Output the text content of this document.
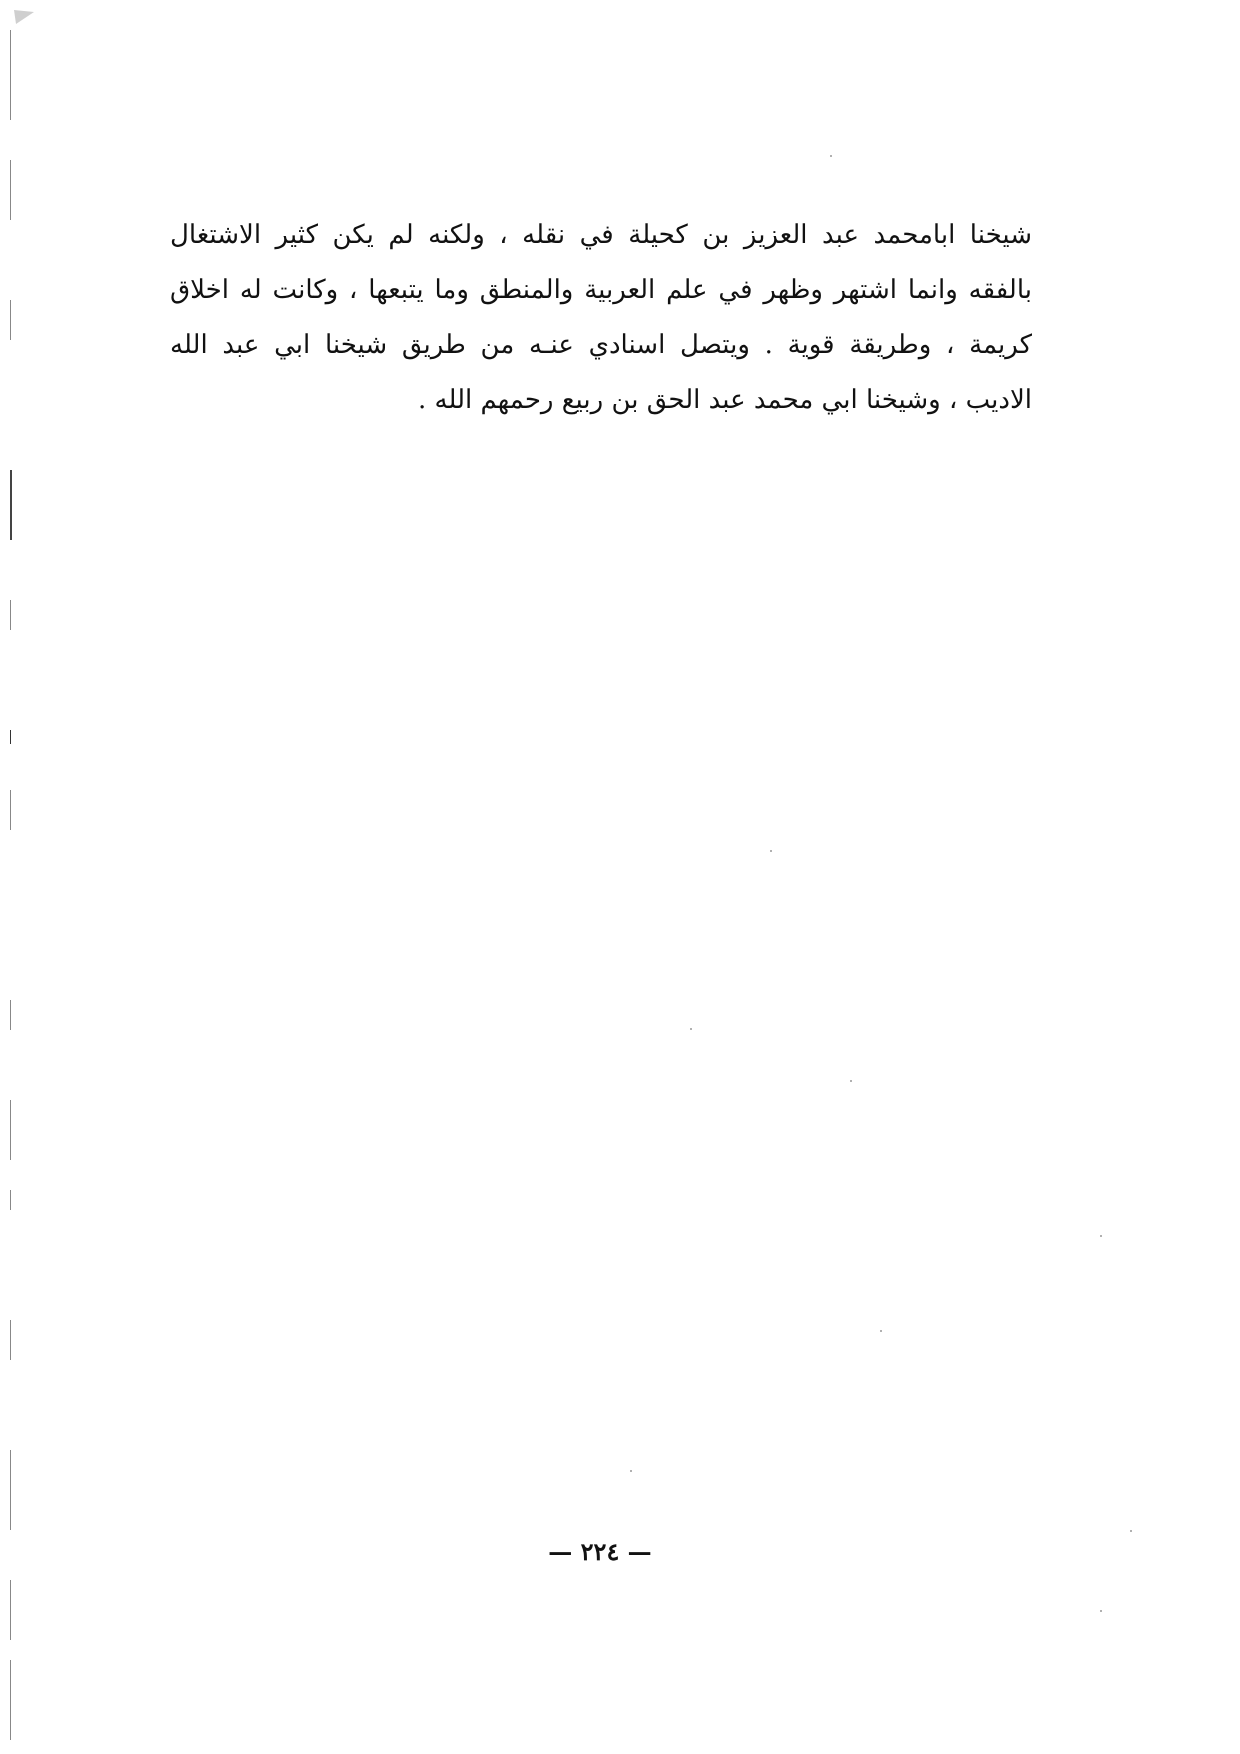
شيخنا ابامحمد عبد العزيز بن كحيلة في نقله ، ولكنه لم يكن كثير الاشتغال
بالفقه وانما اشتهر وظهر في علم العربية والمنطق وما يتبعها ، وكانت له اخلاق
كريمة ، وطريقة قوية . ويتصل اسنادي عنـه من طريق شيخنا ابي عبد الله
الاديب ، وشيخنا ابي محمد عبد الحق بن ربيع رحمهم الله .
— ٢٢٤ —
